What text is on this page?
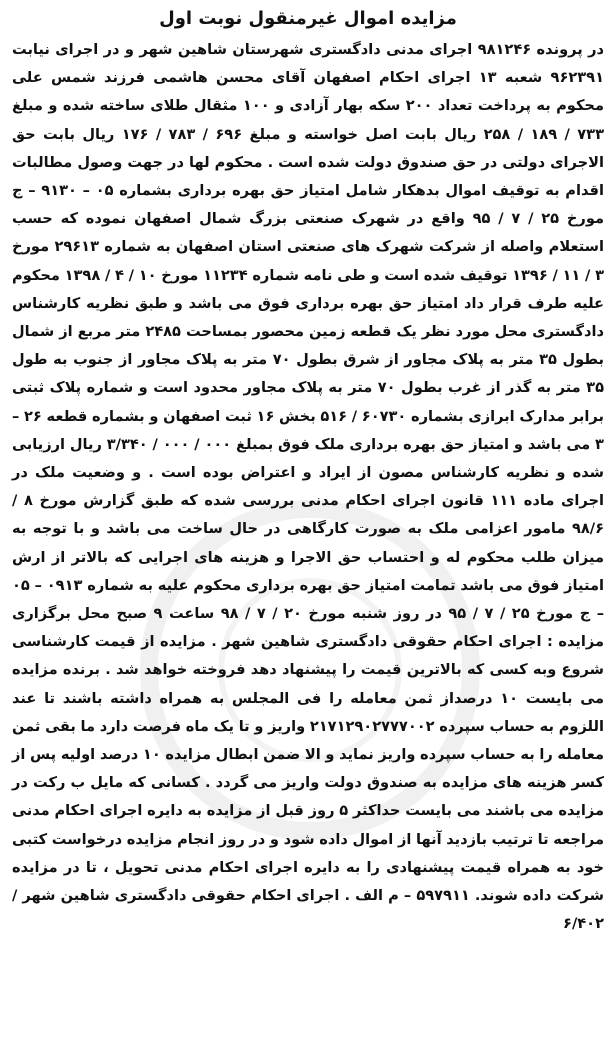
مزایده اموال غیرمنقول نوبت اول

در پرونده ۹۸۱۲۴۶ اجرای مدنی دادگستری شهرستان شاهین شهر و در اجرای نیابت ۹۶۲۳۹۱ شعبه ۱۳ اجرای احکام اصفهان آقای محسن هاشمی فرزند شمس علی محکوم به پرداخت تعداد ۲۰۰ سکه بهار آزادی و ۱۰۰ مثقال طلای ساخته شده و مبلغ ۷۳۳ / ۱۸۹ / ۲۵۸ ریال بابت اصل خواسته و مبلغ ۶۹۶ / ۷۸۳ / ۱۷۶ ریال بابت حق الاجرای دولتی در حق صندوق دولت شده است . محکوم لها در جهت وصول مطالبات اقدام به توقیف اموال بدهکار شامل امتیاز حق بهره برداری بشماره ۰۵ – ۹۱۳۰ – ج مورخ ۲۵ / ۷ / ۹۵ واقع در شهرک صنعتی بزرگ شمال اصفهان نموده که حسب استعلام واصله از شرکت شهرک های صنعتی استان اصفهان به شماره ۲۹۶۱۳ مورخ ۳ / ۱۱ / ۱۳۹۶ توقیف شده است و طی نامه شماره ۱۱۲۳۴ مورخ ۱۰ / ۴ / ۱۳۹۸ محکوم علیه طرف قرار داد امتیاز حق بهره برداری فوق می باشد و طبق نظریه کارشناس دادگستری محل مورد نظر یک قطعه زمین محصور بمساحت ۲۴۸۵ متر مربع از شمال بطول ۳۵ متر به پلاک مجاور از شرق بطول ۷۰ متر به پلاک مجاور از جنوب به طول ۳۵ متر به گذر از غرب بطول ۷۰ متر به پلاک مجاور محدود است و شماره پلاک ثبتی برابر مدارک ابرازی بشماره ۶۰۷۳۰ / ۵۱۶ بخش ۱۶ ثبت اصفهان و بشماره قطعه ۲۶ – ۳ می باشد و امتیاز حق بهره برداری ملک فوق بمبلغ ۰۰۰ / ۰۰۰ / ۳/۳۴۰ ریال ارزیابی شده و نظریه کارشناس مصون از ایراد و اعتراض بوده است . و وضعیت ملک در اجرای ماده ۱۱۱ قانون اجرای احکام مدنی بررسی شده که طبق گزارش مورخ ۸ / ۹۸/۶ مامور اعزامی ملک به صورت کارگاهی در حال ساخت می باشد و با توجه به میزان طلب محکوم له و احتساب حق الاجرا و هزینه های اجرایی که بالاتر از ارش امتیاز فوق می باشد تمامت امتیاز حق بهره برداری محکوم علیه به شماره ۰۹۱۳ – ۰۵ – ج مورخ ۲۵ / ۷ / ۹۵ در روز شنبه مورخ ۲۰ / ۷ / ۹۸ ساعت ۹ صبح محل برگزاری مزایده : اجرای احکام حقوقی دادگستری شاهین شهر . مزایده از قیمت کارشناسی شروع وبه کسی که بالاترین قیمت را پیشنهاد دهد فروخته خواهد شد . برنده مزایده می بایست ۱۰ درصداز ثمن معامله را فی المجلس به همراه داشته باشند تا عند اللزوم به حساب سپرده ۲۱۷۱۲۹۰۲۷۷۷۰۰۲ واریز و تا یک ماه فرصت دارد ما بقی ثمن معامله را به حساب سپرده واریز نماید و الا ضمن ابطال مزایده ۱۰ درصد اولیه پس از کسر هزینه های مزایده به صندوق دولت واریز می گردد . کسانی که مایل ب رکت در مزایده می باشند می بایست حداکثر ۵ روز قبل از مزایده به دایره اجرای احکام مدنی مراجعه تا ترتیب بازدید آنها از اموال داده شود و در روز انجام مزایده درخواست کتبی خود به همراه قیمت پیشنهادی را به دایره اجرای احکام مدنی تحویل ، تا در مزایده شرکت داده شوند. ۵۹۷۹۱۱ – م الف . اجرای احکام حقوقی دادگستری شاهین شهر / ۶/۴۰۲
